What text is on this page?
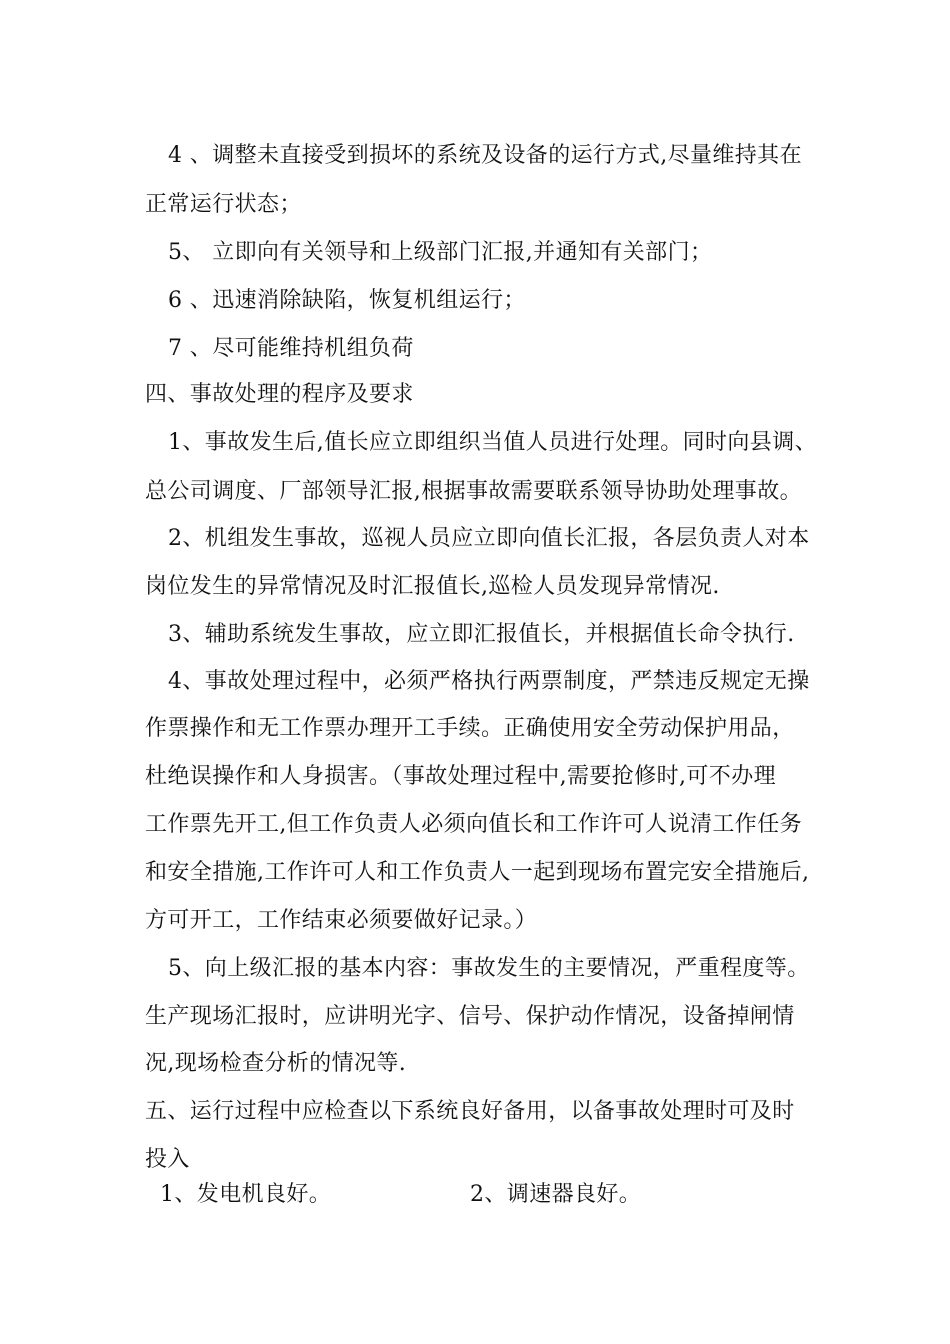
4 、调整未直接受到损坏的系统及设备的运行方式,尽量维持其在
正常运行状态；
5、 立即向有关领导和上级部门汇报,并通知有关部门；
6 、迅速消除缺陷，恢复机组运行；
7 、尽可能维持机组负荷
四、事故处理的程序及要求
1、事故发生后,值长应立即组织当值人员进行处理。同时向县调、
总公司调度、厂部领导汇报,根据事故需要联系领导协助处理事故。
2、机组发生事故，巡视人员应立即向值长汇报，各层负责人对本
岗位发生的异常情况及时汇报值长,巡检人员发现异常情况.
3、辅助系统发生事故，应立即汇报值长，并根据值长命令执行.
4、事故处理过程中，必须严格执行两票制度，严禁违反规定无操
作票操作和无工作票办理开工手续。正确使用安全劳动保护用品，
杜绝误操作和人身损害。（事故处理过程中,需要抢修时,可不办理
工作票先开工,但工作负责人必须向值长和工作许可人说清工作任务
和安全措施,工作许可人和工作负责人一起到现场布置完安全措施后,
方可开工，工作结束必须要做好记录。）
5、向上级汇报的基本内容：事故发生的主要情况，严重程度等。
生产现场汇报时，应讲明光字、信号、保护动作情况，设备掉闸情
况,现场检查分析的情况等.
五、运行过程中应检查以下系统良好备用，以备事故处理时可及时
投入
1、发电机良好。	2、调速器良好。
